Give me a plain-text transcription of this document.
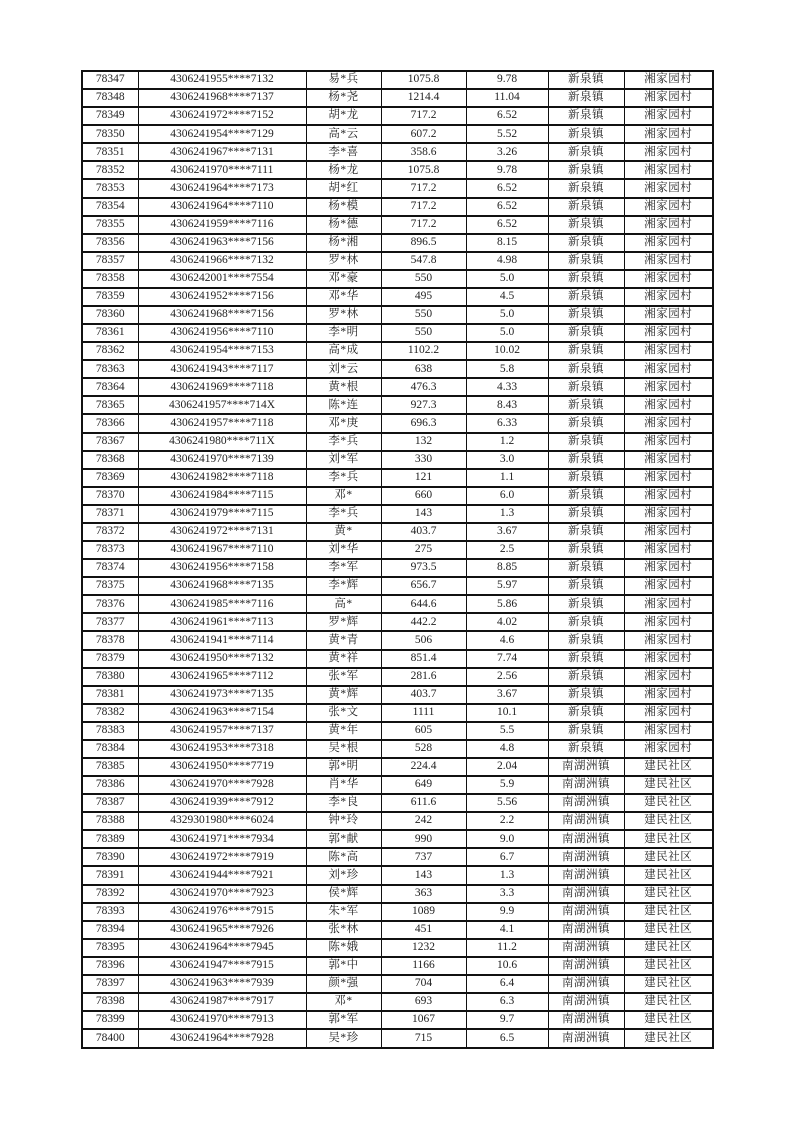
78347	4306241955****7132	易*兵	1075.8	9.78	新泉镇	湘家园村
78348	4306241968****7137	杨*尧	1214.4	11.04	新泉镇	湘家园村
78349	4306241972****7152	胡*龙	717.2	6.52	新泉镇	湘家园村
78350	4306241954****7129	高*云	607.2	5.52	新泉镇	湘家园村
78351	4306241967****7131	李*喜	358.6	3.26	新泉镇	湘家园村
78352	4306241970****7111	杨*龙	1075.8	9.78	新泉镇	湘家园村
78353	4306241964****7173	胡*红	717.2	6.52	新泉镇	湘家园村
78354	4306241964****7110	杨*模	717.2	6.52	新泉镇	湘家园村
78355	4306241959****7116	杨*德	717.2	6.52	新泉镇	湘家园村
78356	4306241963****7156	杨*湘	896.5	8.15	新泉镇	湘家园村
78357	4306241966****7132	罗*林	547.8	4.98	新泉镇	湘家园村
78358	4306242001****7554	邓*豪	550	5.0	新泉镇	湘家园村
78359	4306241952****7156	邓*华	495	4.5	新泉镇	湘家园村
78360	4306241968****7156	罗*林	550	5.0	新泉镇	湘家园村
78361	4306241956****7110	李*明	550	5.0	新泉镇	湘家园村
78362	4306241954****7153	高*成	1102.2	10.02	新泉镇	湘家园村
78363	4306241943****7117	刘*云	638	5.8	新泉镇	湘家园村
78364	4306241969****7118	黄*根	476.3	4.33	新泉镇	湘家园村
78365	4306241957****714X	陈*连	927.3	8.43	新泉镇	湘家园村
78366	4306241957****7118	邓*庚	696.3	6.33	新泉镇	湘家园村
78367	4306241980****711X	李*兵	132	1.2	新泉镇	湘家园村
78368	4306241970****7139	刘*军	330	3.0	新泉镇	湘家园村
78369	4306241982****7118	李*兵	121	1.1	新泉镇	湘家园村
78370	4306241984****7115	邓*	660	6.0	新泉镇	湘家园村
78371	4306241979****7115	李*兵	143	1.3	新泉镇	湘家园村
78372	4306241972****7131	黄*	403.7	3.67	新泉镇	湘家园村
78373	4306241967****7110	刘*华	275	2.5	新泉镇	湘家园村
78374	4306241956****7158	李*军	973.5	8.85	新泉镇	湘家园村
78375	4306241968****7135	李*辉	656.7	5.97	新泉镇	湘家园村
78376	4306241985****7116	高*	644.6	5.86	新泉镇	湘家园村
78377	4306241961****7113	罗*辉	442.2	4.02	新泉镇	湘家园村
78378	4306241941****7114	黄*青	506	4.6	新泉镇	湘家园村
78379	4306241950****7132	黄*祥	851.4	7.74	新泉镇	湘家园村
78380	4306241965****7112	张*军	281.6	2.56	新泉镇	湘家园村
78381	4306241973****7135	黄*辉	403.7	3.67	新泉镇	湘家园村
78382	4306241963****7154	张*文	1111	10.1	新泉镇	湘家园村
78383	4306241957****7137	黄*年	605	5.5	新泉镇	湘家园村
78384	4306241953****7318	吴*根	528	4.8	新泉镇	湘家园村
78385	4306241950****7719	郭*明	224.4	2.04	南湖洲镇	建民社区
78386	4306241970****7928	肖*华	649	5.9	南湖洲镇	建民社区
78387	4306241939****7912	李*良	611.6	5.56	南湖洲镇	建民社区
78388	4329301980****6024	钟*玲	242	2.2	南湖洲镇	建民社区
78389	4306241971****7934	郭*献	990	9.0	南湖洲镇	建民社区
78390	4306241972****7919	陈*高	737	6.7	南湖洲镇	建民社区
78391	4306241944****7921	刘*珍	143	1.3	南湖洲镇	建民社区
78392	4306241970****7923	侯*辉	363	3.3	南湖洲镇	建民社区
78393	4306241976****7915	朱*军	1089	9.9	南湖洲镇	建民社区
78394	4306241965****7926	张*林	451	4.1	南湖洲镇	建民社区
78395	4306241964****7945	陈*娥	1232	11.2	南湖洲镇	建民社区
78396	4306241947****7915	郭*中	1166	10.6	南湖洲镇	建民社区
78397	4306241963****7939	颜*强	704	6.4	南湖洲镇	建民社区
78398	4306241987****7917	邓*	693	6.3	南湖洲镇	建民社区
78399	4306241970****7913	郭*军	1067	9.7	南湖洲镇	建民社区
78400	4306241964****7928	吴*珍	715	6.5	南湖洲镇	建民社区
